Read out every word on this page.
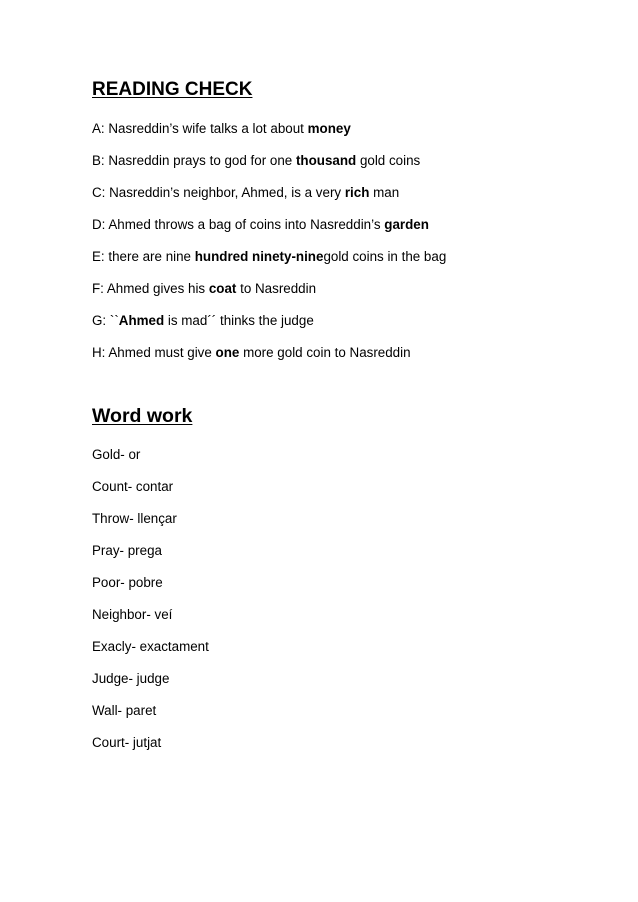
READING CHECK

A: Nasreddin’s wife talks a lot about money

B: Nasreddin prays to god for one thousand gold coins

C: Nasreddin’s neighbor, Ahmed, is a very rich man

D: Ahmed throws a bag of coins into Nasreddin’s garden

E: there are nine hundred ninety-ninegold coins in the bag

F: Ahmed gives his coat to Nasreddin

G: ``Ahmed is mad´´ thinks the judge

H: Ahmed must give one more gold coin to Nasreddin

Word work

Gold- or

Count- contar

Throw- llençar

Pray- prega

Poor- pobre

Neighbor- veí

Exacly- exactament

Judge- judge

Wall- paret

Court- jutjat
